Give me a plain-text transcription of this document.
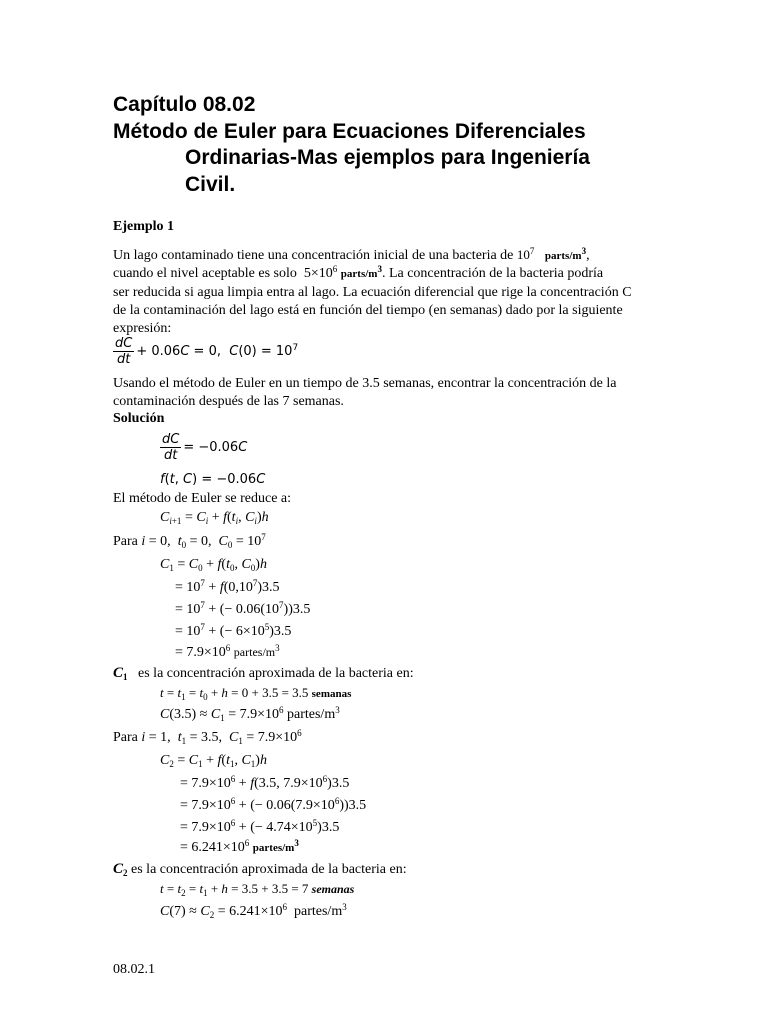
Capítulo 08.02
Método de Euler para Ecuaciones Diferenciales
Ordinarias-Mas ejemplos para Ingeniería
Civil.
Ejemplo 1
Un lago contaminado tiene una concentración inicial de una bacteria de $10^7$ parts/$m^3$,
cuando el nivel aceptable es solo  $5\times 10^6$ parts/$m^3$. La concentración de la bacteria podría
ser reducida si agua limpia entra al lago. La ecuación diferencial que rige la concentración C
de la contaminación del lago está en función del tiempo (en semanas) dado por la siguiente
expresión:
$\frac{dC}{dt} + 0.06C = 0$,  $C(0) = 10^7$
Usando el método de Euler en un tiempo de 3.5 semanas, encontrar la concentración de la
contaminación después de las 7 semanas.
Solución
$\frac{dC}{dt} = -0.06C$
f(t, C) = −0.06C
El método de Euler se reduce a:
$C_{i+1} = C_i + f(t_i$, $C_i)h$
Para i = 0,  $t_0 = 0$,  $C_0 = 10^7$
$C_1 = C_0 + f(t_0$, $C_0)h$
= $10^7 + f(0,10^7)3.5$
= $10^7$ + (− $0.06(10^7))3.5$
= $10^7$ + (− $6\times 10^5)3.5$
= $7.9\times 10^6$ partes/$m^3$
$C_1$ es la concentración aproximada de la bacteria en:
$t = t_1 = t_0 + h = 0 + 3.5 = 3.5$ semanas
$C(3.5) \approx C_1 = 7.9\times 10^6$ partes/$m^3$
Para i = 1,  $t_1 = 3.5$,  $C_1 = 7.9\times 10^6$
$C_2 = C_1 + f(t_1$, $C_1)h$
= $7.9\times 10^6 + f(3.5$, $7.9\times 10^6)3.5$
= $7.9\times 10^6$ + (− $0.06(7.9\times 10^6))3.5$
= $7.9\times 10^6$ + (− $4.74\times 10^5)3.5$
= $6.241\times 10^6$ partes/$m^3$
$C_2$ es la concentración aproximada de la bacteria en:
$t = t_2 = t_1 + h = 3.5 + 3.5 = 7$ semanas
$C(7) \approx C_2 = 6.241\times 10^6$ partes/$m^3$
08.02.1
